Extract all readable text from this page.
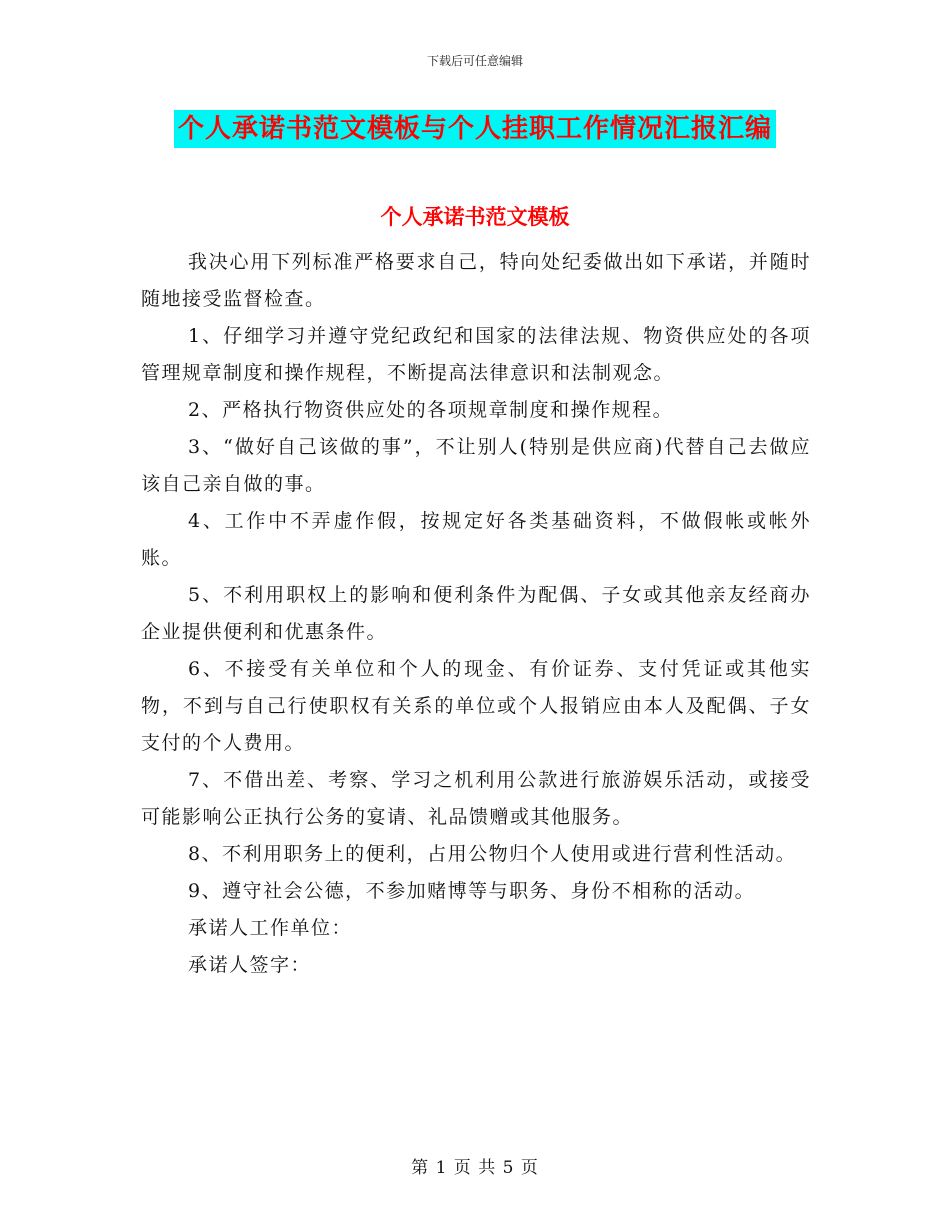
下载后可任意编辑
个人承诺书范文模板与个人挂职工作情况汇报汇编
个人承诺书范文模板

我决心用下列标准严格要求自己，特向处纪委做出如下承诺，并随时随地接受监督检查。

1、仔细学习并遵守党纪政纪和国家的法律法规、物资供应处的各项管理规章制度和操作规程，不断提高法律意识和法制观念。

2、严格执行物资供应处的各项规章制度和操作规程。

3、“做好自己该做的事”，不让别人(特别是供应商)代替自己去做应该自己亲自做的事。

4、工作中不弄虚作假，按规定好各类基础资料，不做假帐或帐外账。

5、不利用职权上的影响和便利条件为配偶、子女或其他亲友经商办企业提供便利和优惠条件。

6、不接受有关单位和个人的现金、有价证券、支付凭证或其他实物，不到与自己行使职权有关系的单位或个人报销应由本人及配偶、子女支付的个人费用。

7、不借出差、考察、学习之机利用公款进行旅游娱乐活动，或接受可能影响公正执行公务的宴请、礼品馈赠或其他服务。

8、不利用职务上的便利，占用公物归个人使用或进行营利性活动。

9、遵守社会公德，不参加赌博等与职务、身份不相称的活动。

承诺人工作单位：

承诺人签字：

第 1 页 共 5 页
